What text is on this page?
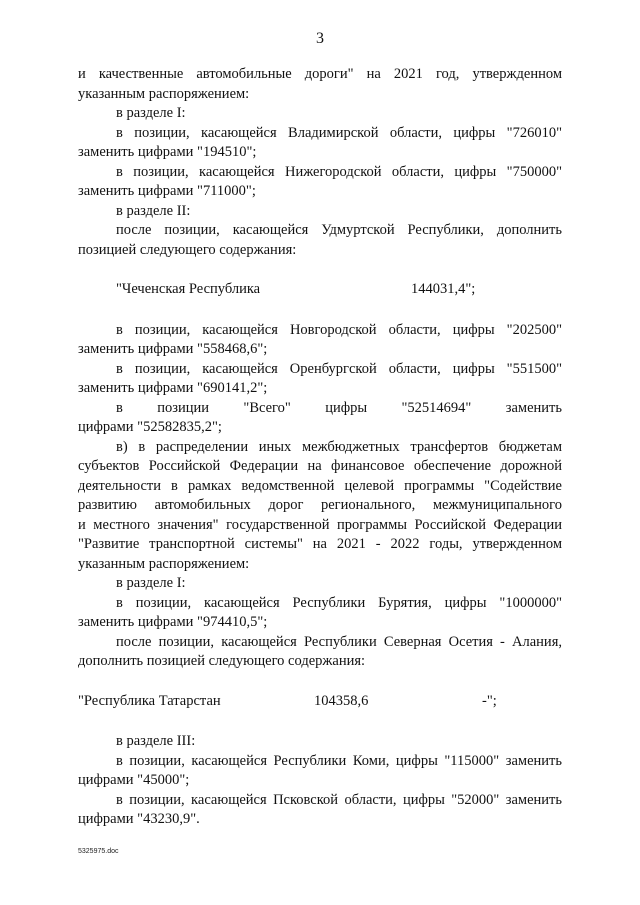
3

и качественные автомобильные дороги" на 2021 год, утвержденном

указанным распоряжением:

в разделе I:

в позиции, касающейся Владимирской области, цифры "726010"

заменить цифрами "194510";

в позиции, касающейся Нижегородской области, цифры "750000"

заменить цифрами "711000";

в разделе II:

после позиции, касающейся Удмуртской Республики, дополнить

позицией следующего содержания:

"Чеченская Республика	144031,4";

в позиции, касающейся Новгородской области, цифры "202500"

заменить цифрами "558468,6";

в позиции, касающейся Оренбургской области, цифры "551500"

заменить цифрами "690141,2";

в позиции "Всего" цифры "52514694" заменить

цифрами "52582835,2";

в) в распределении иных межбюджетных трансфертов бюджетам

субъектов Российской Федерации на финансовое обеспечение дорожной

деятельности в рамках ведомственной целевой программы "Содействие

развитию автомобильных дорог регионального, межмуниципального

и местного значения" государственной программы Российской Федерации

"Развитие транспортной системы" на 2021 - 2022 годы, утвержденном

указанным распоряжением:

в разделе I:

в позиции, касающейся Республики Бурятия, цифры "1000000"

заменить цифрами "974410,5";

после позиции, касающейся Республики Северная Осетия - Алания,

дополнить позицией следующего содержания:

"Республика Татарстан	104358,6	-";

в разделе III:

в позиции, касающейся Республики Коми, цифры "115000" заменить

цифрами "45000";

в позиции, касающейся Псковской области, цифры "52000" заменить

цифрами "43230,9".

5325975.doc
